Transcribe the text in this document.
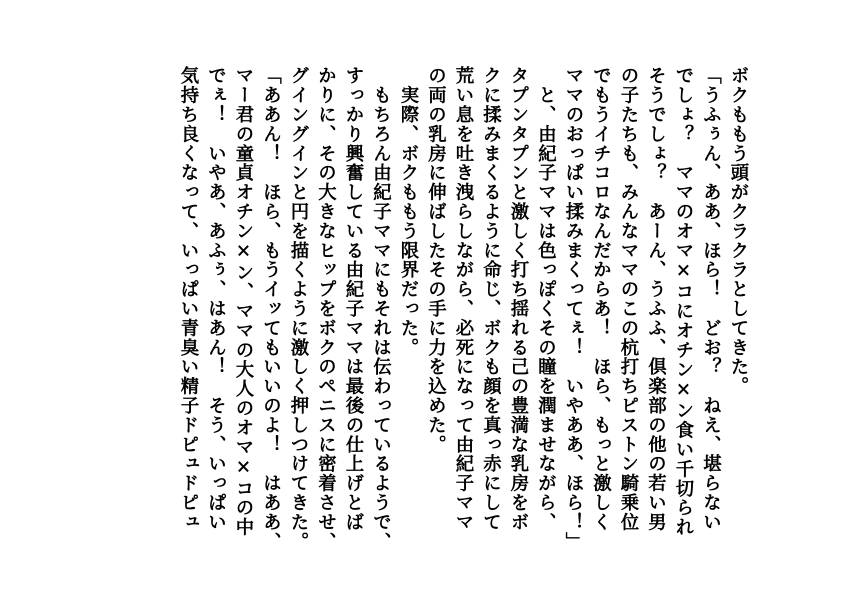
ボクももう頭がクラクラとしてきた。
「うふぅん、ああ、ほら！　どお？　ねえ、堪らない
でしょ？　ママのオマ×コにオチン×ン食い千切られ
そうでしょ？　あーん、うふふ、倶楽部の他の若い男
の子たちも、みんなママのこの杭打ちピストン騎乗位
でもうイチコロなんだからあ！　ほら、もっと激しく
ママのおっぱい揉みまくってぇ！　いやああ、ほら！」
　と、由紀子ママは色っぽくその瞳を潤ませながら、
タプンタプンと激しく打ち揺れる己の豊満な乳房をボ
クに揉みまくるように命じ、ボクも顔を真っ赤にして
荒い息を吐き洩らしながら、必死になって由紀子ママ
の両の乳房に伸ばしたその手に力を込めた。
　実際、ボクももう限界だった。
　もちろん由紀子ママにもそれは伝わっているようで、
すっかり興奮している由紀子ママは最後の仕上げとば
かりに、その大きなヒップをボクのペニスに密着させ、
グイングインと円を描くように激しく押しつけてきた。
「ああん！　ほら、もうイッてもいいのよ！　はああ、
マー君の童貞オチン×ン、ママの大人のオマ×コの中
でぇ！　いやあ、あふぅ、はあん！　そう、いっぱい
気持ち良くなって、いっぱい青臭い精子ドピュドピュ
